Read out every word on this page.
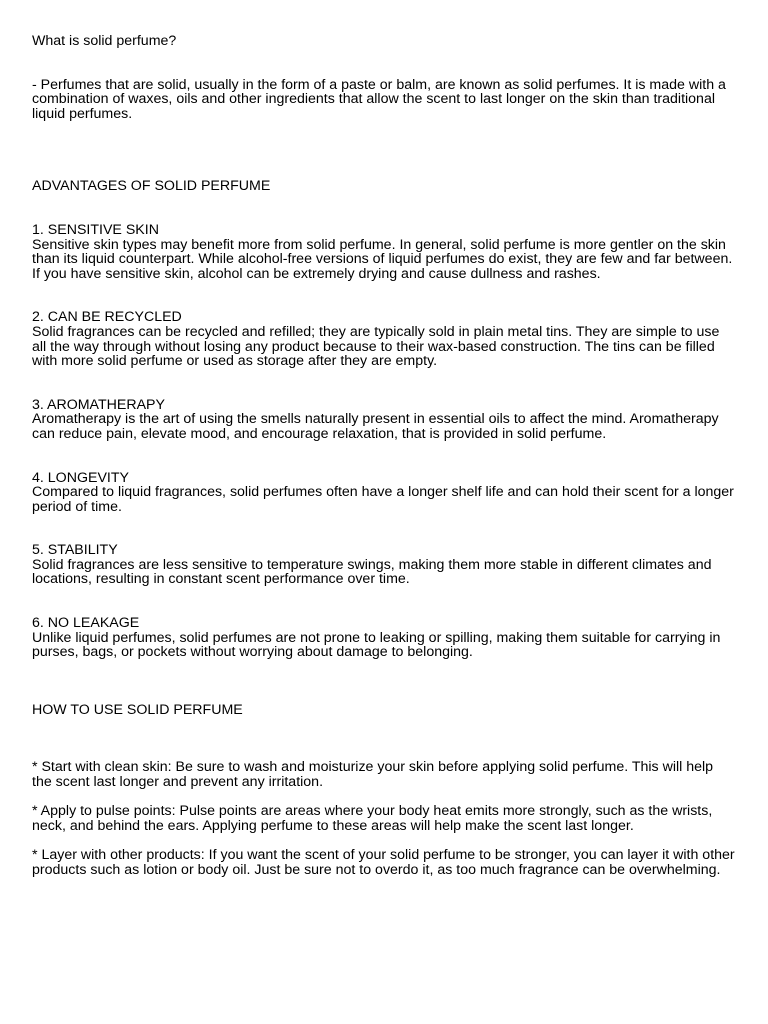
What is solid perfume?

- Perfumes that are solid, usually in the form of a paste or balm, are known as solid perfumes. It is made with a combination of waxes, oils and other ingredients that allow the scent to last longer on the skin than traditional liquid perfumes.

ADVANTAGES OF SOLID PERFUME

1. SENSITIVE SKIN

Sensitive skin types may benefit more from solid perfume. In general, solid perfume is more gentler on the skin than its liquid counterpart. While alcohol-free versions of liquid perfumes do exist, they are few and far between. If you have sensitive skin, alcohol can be extremely drying and cause dullness and rashes.

2. CAN BE RECYCLED

Solid fragrances can be recycled and refilled; they are typically sold in plain metal tins. They are simple to use all the way through without losing any product because to their wax-based construction. The tins can be filled with more solid perfume or used as storage after they are empty.

3. AROMATHERAPY

Aromatherapy is the art of using the smells naturally present in essential oils to affect the mind. Aromatherapy can reduce pain, elevate mood, and encourage relaxation, that is provided in solid perfume.

4. LONGEVITY

Compared to liquid fragrances, solid perfumes often have a longer shelf life and can hold their scent for a longer period of time.

5. STABILITY

Solid fragrances are less sensitive to temperature swings, making them more stable in different climates and locations, resulting in constant scent performance over time.

6. NO LEAKAGE

Unlike liquid perfumes, solid perfumes are not prone to leaking or spilling, making them suitable for carrying in purses, bags, or pockets without worrying about damage to belonging.

HOW TO USE SOLID PERFUME

* Start with clean skin: Be sure to wash and moisturize your skin before applying solid perfume. This will help the scent last longer and prevent any irritation.

* Apply to pulse points: Pulse points are areas where your body heat emits more strongly, such as the wrists, neck, and behind the ears. Applying perfume to these areas will help make the scent last longer.

* Layer with other products: If you want the scent of your solid perfume to be stronger, you can layer it with other products such as lotion or body oil. Just be sure not to overdo it, as too much fragrance can be overwhelming.
